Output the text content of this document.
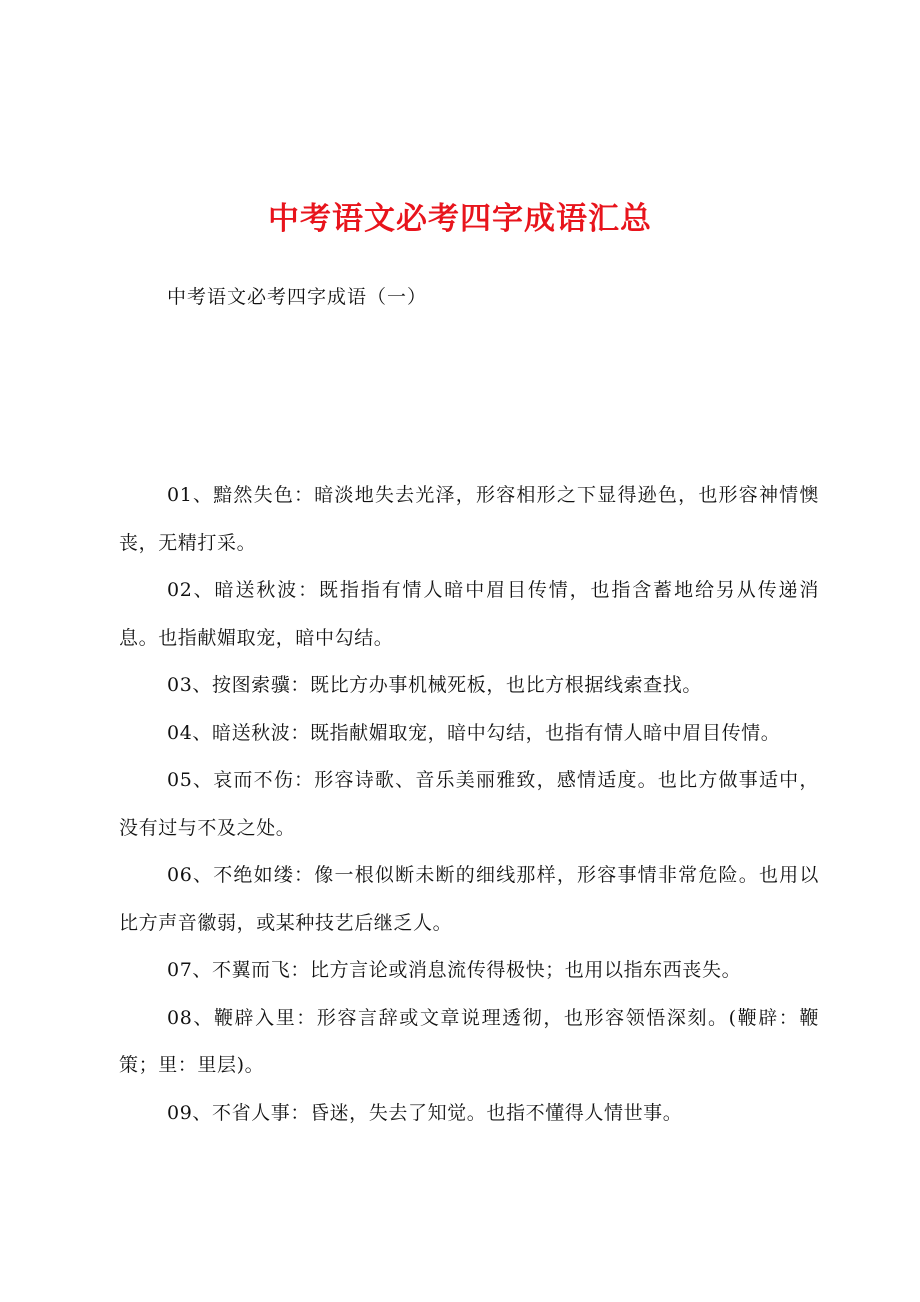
中考语文必考四字成语汇总

中考语文必考四字成语（一）

01、黯然失色：暗淡地失去光泽，形容相形之下显得逊色，也形容神情懊丧，无精打采。
02、暗送秋波：既指指有情人暗中眉目传情，也指含蓄地给另从传递消息。也指献媚取宠，暗中勾结。
03、按图索骥：既比方办事机械死板，也比方根据线索查找。
04、暗送秋波：既指献媚取宠，暗中勾结，也指有情人暗中眉目传情。
05、哀而不伤：形容诗歌、音乐美丽雅致，感情适度。也比方做事适中，没有过与不及之处。
06、不绝如缕：像一根似断未断的细线那样，形容事情非常危险。也用以比方声音徽弱，或某种技艺后继乏人。
07、不翼而飞：比方言论或消息流传得极快；也用以指东西丧失。
08、鞭辟入里：形容言辞或文章说理透彻，也形容领悟深刻。(鞭辟：鞭策；里：里层)。
09、不省人事：昏迷，失去了知觉。也指不懂得人情世事。
